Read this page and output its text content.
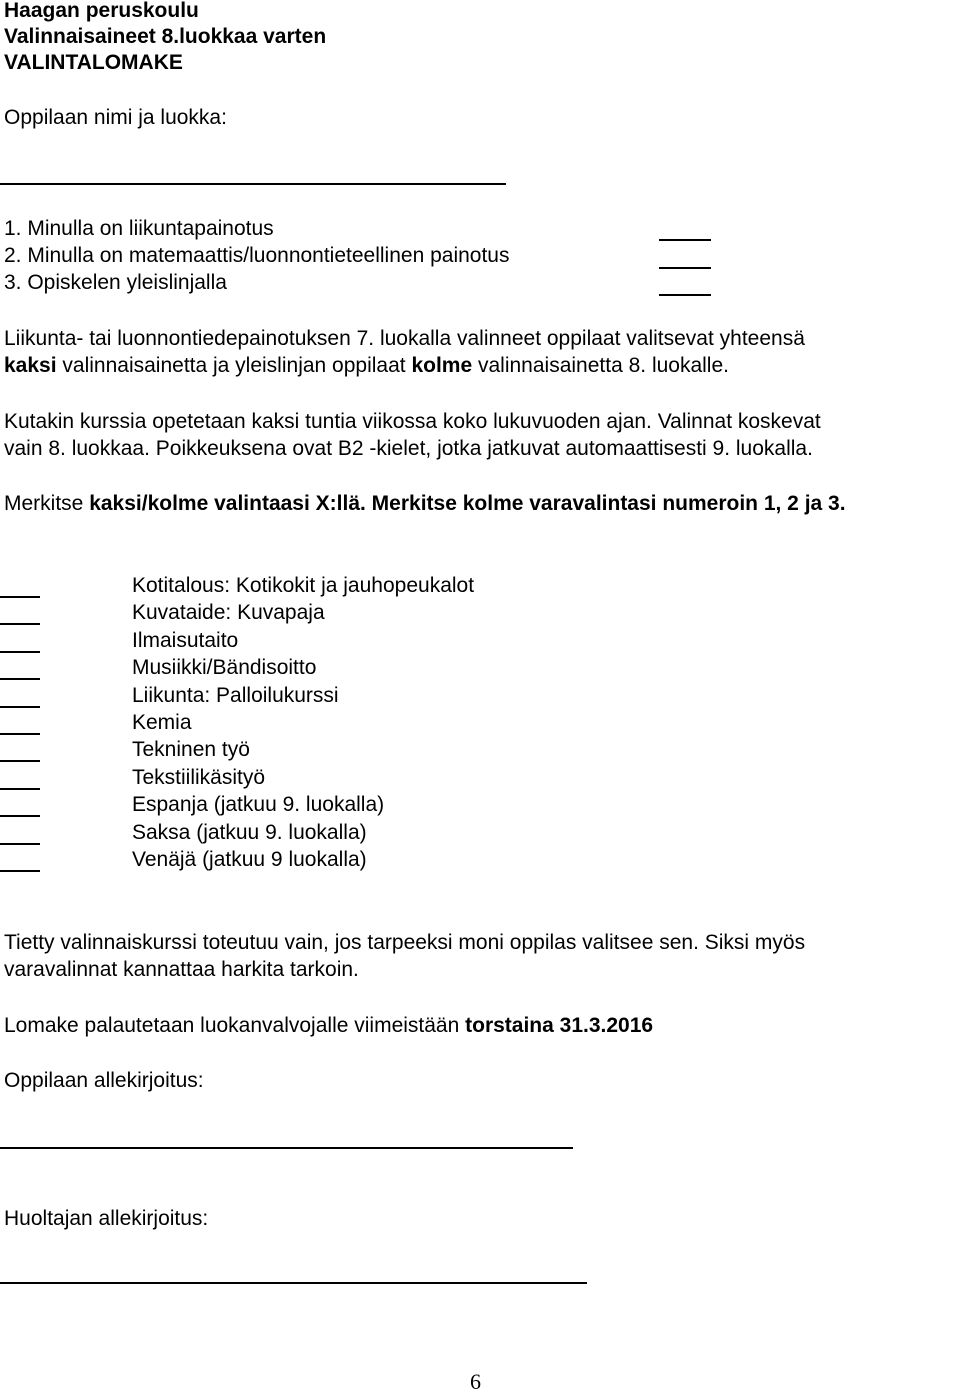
Haagan peruskoulu
Valinnaisaineet 8.luokkaa varten
VALINTALOMAKE
Oppilaan nimi ja luokka:
1. Minulla on liikuntapainotus
2. Minulla on matemaattis/luonnontieteellinen painotus
3. Opiskelen yleislinjalla
Liikunta- tai luonnontiedepainotuksen 7. luokalla valinneet oppilaat valitsevat yhteensä
kaksi valinnaisainetta ja yleislinjan oppilaat kolme valinnaisainetta 8. luokalle.
Kutakin kurssia opetetaan kaksi tuntia viikossa koko lukuvuoden ajan. Valinnat koskevat
vain 8. luokkaa. Poikkeuksena ovat B2 -kielet, jotka jatkuvat automaattisesti 9. luokalla.
Merkitse kaksi/kolme valintaasi X:llä. Merkitse kolme varavalintasi numeroin 1, 2 ja 3.
Kotitalous: Kotikokit ja jauhopeukalot
Kuvataide: Kuvapaja
Ilmaisutaito
Musiikki/Bändisoitto
Liikunta: Palloilukurssi
Kemia
Tekninen työ
Tekstiilikäsityö
Espanja (jatkuu 9. luokalla)
Saksa (jatkuu 9. luokalla)
Venäjä (jatkuu 9 luokalla)
Tietty valinnaiskurssi toteutuu vain, jos tarpeeksi moni oppilas valitsee sen. Siksi myös
varavalinnat kannattaa harkita tarkoin.
Lomake palautetaan luokanvalvojalle viimeistään torstaina 31.3.2016
Oppilaan allekirjoitus:
Huoltajan allekirjoitus:
6
